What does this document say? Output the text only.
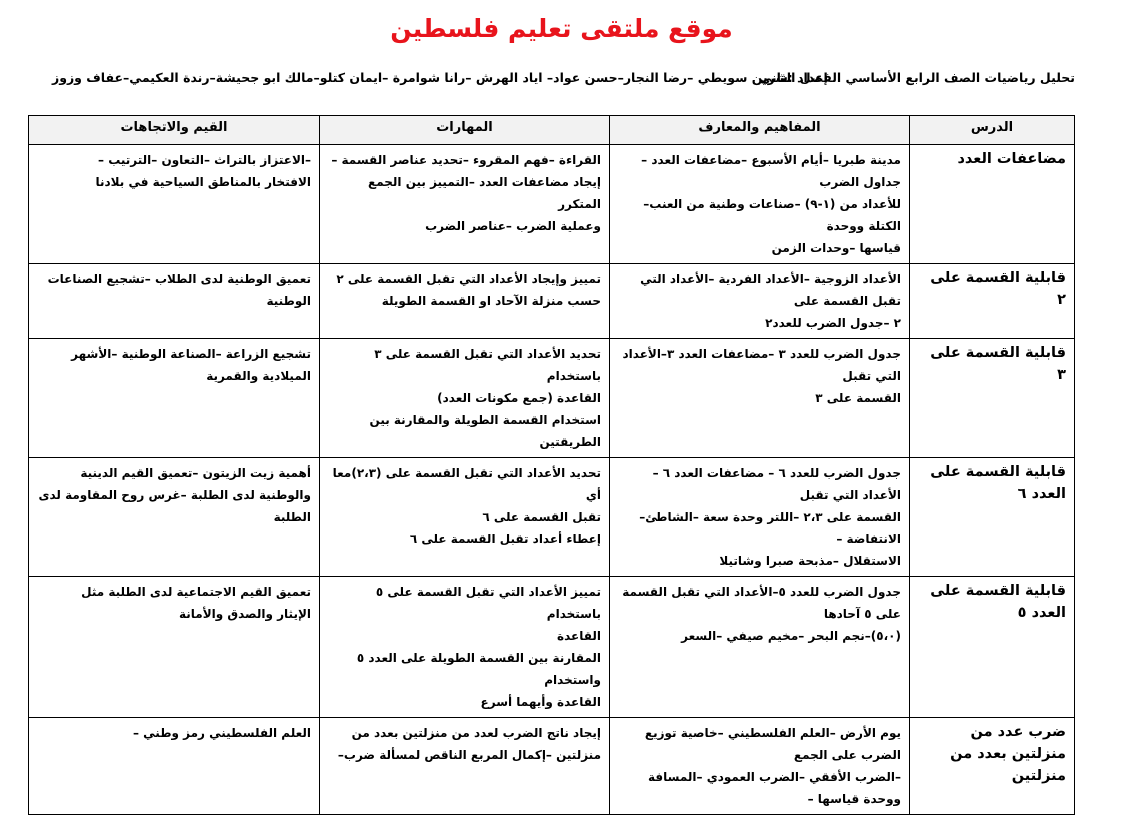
موقع ملتقى تعليم فلسطين
تحليل رياضيات الصف الرابع الأساسي الفصل الثاني
إعداد :شرين سويطي –رضا النجار–حسن عواد– اياد الهرش –رانا شوامرة –ايمان كتلو–مالك ابو جحيشة–رندة العكيمي–عفاف وزوز
الدرس	المفاهيم والمعارف	المهارات	القيم والاتجاهات
مضاعفات العدد	مدينة طبريا –أيام الأسبوع –مضاعفات العدد –جداول الضرب
للأعداد من (١-٩) –صناعات وطنية من العنب–الكتلة ووحدة
قياسها –وحدات الزمن	القراءة –فهم المقروء –تحديد عناصر القسمة –
إيجاد مضاعفات العدد –التمييز بين الجمع المتكرر
وعملية الضرب –عناصر الضرب	–الاعتزاز بالتراث –التعاون –الترتيب –
الافتخار بالمناطق السياحية في بلادنا

قابلية القسمة على ٢	الأعداد الزوجية –الأعداد الفردية –الأعداد التي تقبل القسمة على
٢ –جدول الضرب للعدد٢	تمييز وإيجاد الأعداد التي تقبل القسمة على ٢
حسب منزلة الآحاد او القسمة الطويلة	تعميق الوطنية لدى الطلاب –تشجيع الصناعات
الوطنية

قابلية القسمة على ٣	جدول الضرب للعدد ٣ –مضاعفات العدد ٣–الأعداد التي تقبل
القسمة على ٣	تحديد الأعداد التي تقبل القسمة على ٣ باستخدام
القاعدة (جمع مكونات العدد)
استخدام القسمة الطويلة والمقارنة بين الطريقتين	تشجيع الزراعة –الصناعة الوطنية –الأشهر
الميلادية والقمرية

قابلية القسمة على العدد ٦	جدول الضرب للعدد ٦ – مضاعفات العدد ٦ –الأعداد التي تقبل
القسمة على ٢،٣ –اللتر وحدة سعة –الشاطئ–الانتفاضة –
الاستقلال –مذبحة صبرا وشاتيلا	تحديد الأعداد التي تقبل القسمة على (٢،٣)معا أي
تقبل القسمة على ٦
إعطاء أعداد تقبل القسمة على ٦	أهمية زيت الزيتون –تعميق القيم الدينية
والوطنية لدى الطلبة –غرس روح المقاومة لدى
الطلبة

قابلية القسمة على العدد ٥	جدول الضرب للعدد ٥–الأعداد التي تقبل القسمة على ٥ آحادها
(٥،٠)–نجم البحر –مخيم صيفي –السعر	تمييز الأعداد التي تقبل القسمة على ٥ باستخدام
القاعدة
المقارنة بين القسمة الطويلة على العدد ٥ واستخدام
القاعدة وأيهما أسرع	تعميق القيم الاجتماعية لدى الطلبة مثل
الإيثار والصدق والأمانة

ضرب عدد من منزلتين بعدد من منزلتين	يوم الأرض –العلم الفلسطيني –خاصية توزيع الضرب على الجمع
–الضرب الأفقي –الضرب العمودي –المسافة ووحدة قياسها –	إيجاد ناتج الضرب لعدد من منزلتين بعدد من
منزلتين –إكمال المربع الناقص لمسألة ضرب–	العلم الفلسطيني رمز وطني –
